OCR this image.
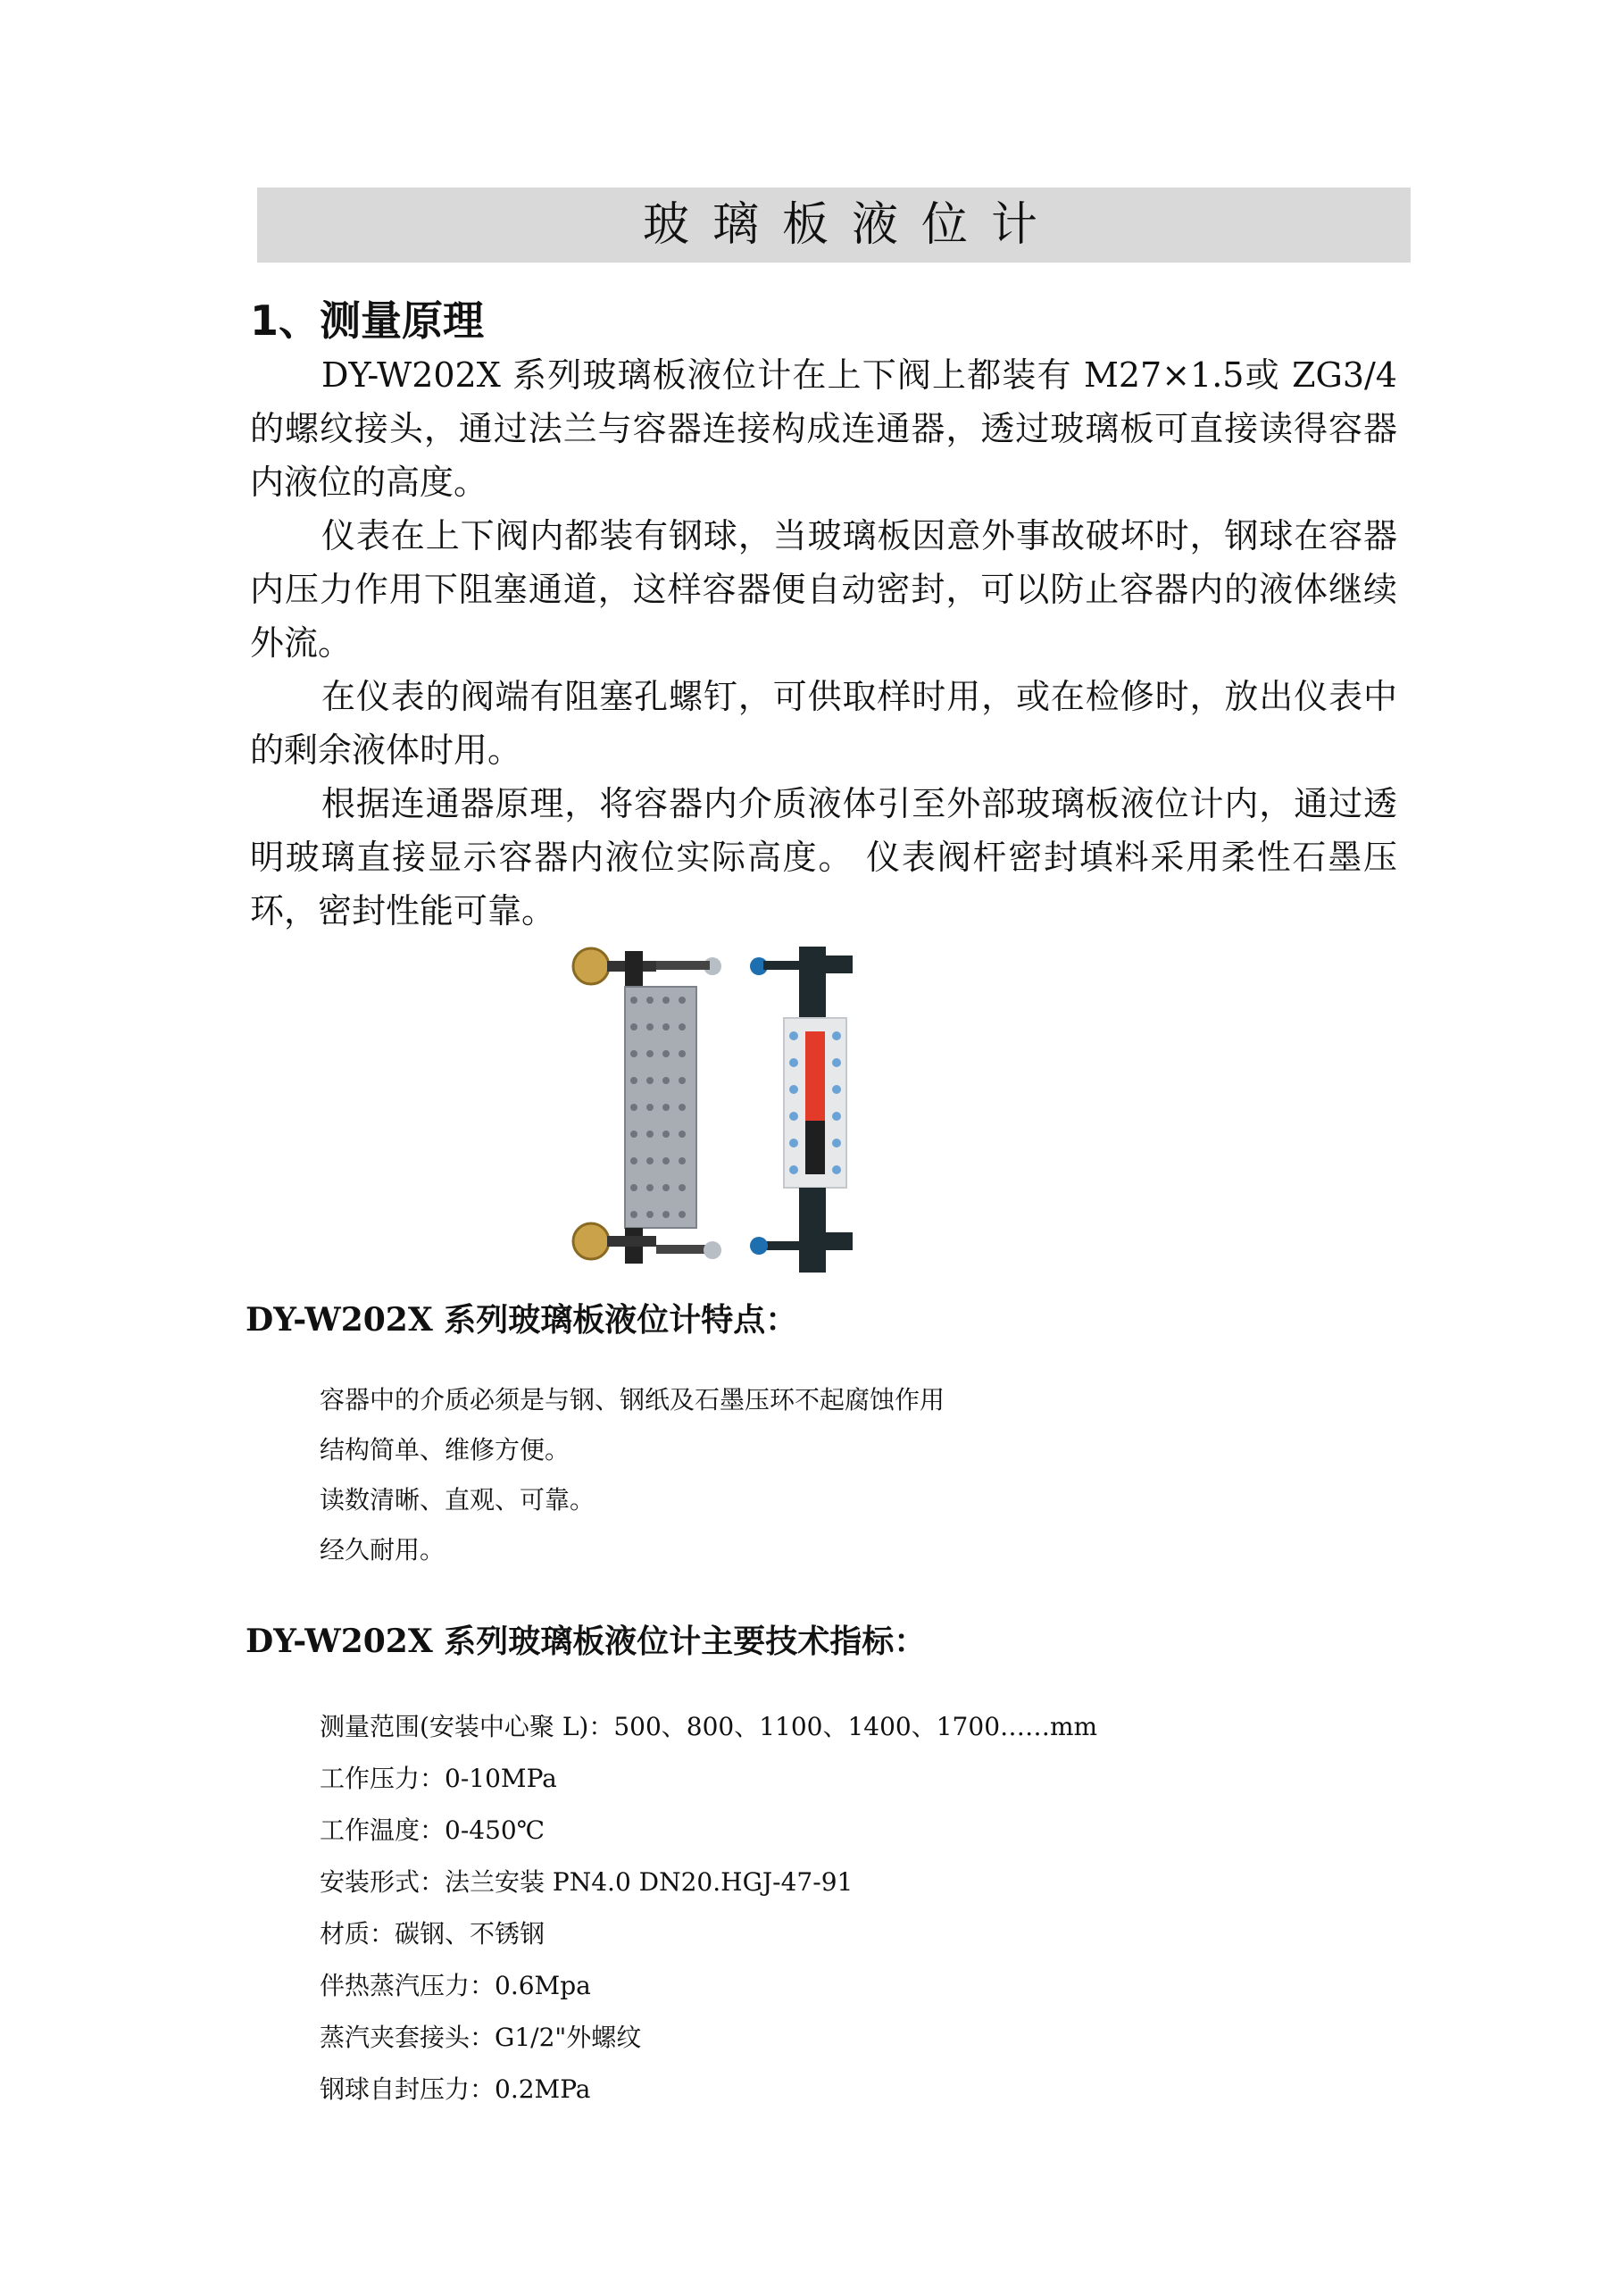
玻璃板液位计
1、测量原理

DY-W202X 系列玻璃板液位计在上下阀上都装有 M27×1.5或 ZG3/4的螺纹接头，通过法兰与容器连接构成连通器，透过玻璃板可直接读得容器内液位的高度。

仪表在上下阀内都装有钢球，当玻璃板因意外事故破坏时，钢球在容器内压力作用下阻塞通道，这样容器便自动密封，可以防止容器内的液体继续外流。

在仪表的阀端有阻塞孔螺钉，可供取样时用，或在检修时，放出仪表中的剩余液体时用。

根据连通器原理，将容器内介质液体引至外部玻璃板液位计内，通过透明玻璃直接显示容器内液位实际高度。 仪表阀杆密封填料采用柔性石墨压环，密封性能可靠。

DY-W202X 系列玻璃板液位计特点：
容器中的介质必须是与钢、钢纸及石墨压环不起腐蚀作用
结构简单、维修方便。
读数清晰、直观、可靠。
经久耐用。
DY-W202X 系列玻璃板液位计主要技术指标：
测量范围(安装中心聚 L)：500、800、1100、1400、1700……mm
工作压力：0-10MPa
工作温度：0-450℃
安装形式：法兰安装 PN4.0 DN20.HGJ-47-91
材质：碳钢、不锈钢
伴热蒸汽压力：0.6Mpa
蒸汽夹套接头：G1/2"外螺纹
钢球自封压力：0.2MPa
